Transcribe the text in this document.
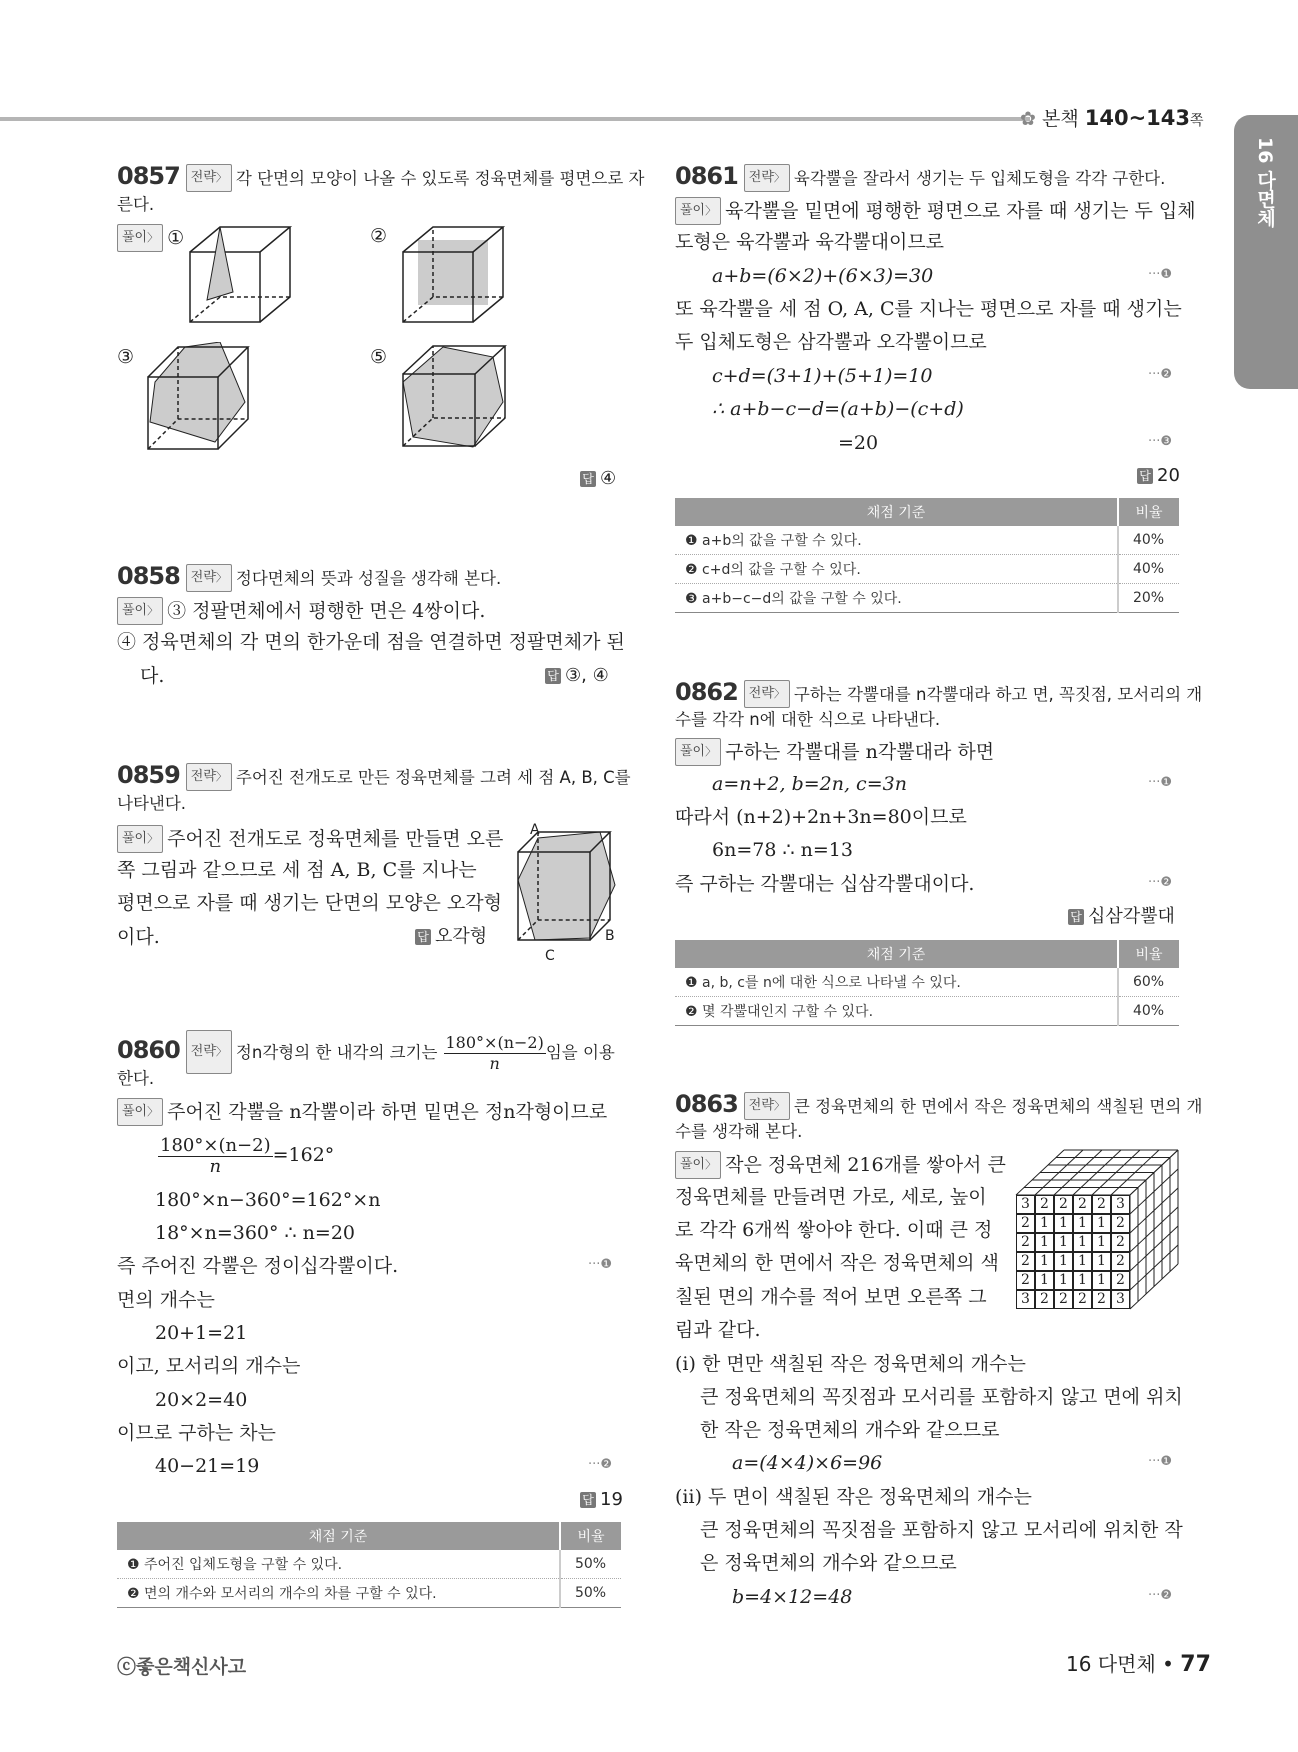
✿ 본책 140~143쪽
16 다면체
0857 전략 〉 각 단면의 모양이 나올 수 있도록 정육면체를 평면으로 자
른다.
풀이 〉 ①	②
③	⑤
답 ④
0858 전략 〉 정다면체의 뜻과 성질을 생각해 본다.
풀이 〉 ③ 정팔면체에서 평행한 면은 4쌍이다.
④ 정육면체의 각 면의 한가운데 점을 연결하면 정팔면체가 된
다.	답 ③, ④
0859 전략 〉 주어진 전개도로 만든 정육면체를 그려 세 점 A, B, C를
나타낸다.
풀이 〉 주어진 전개도로 정육면체를 만들면 오른
쪽 그림과 같으므로 세 점 A, B, C를 지나는
평면으로 자를 때 생기는 단면의 모양은 오각형
이다.	답 오각형
A
B
C
0860 전략 〉 정n각형의 한 내각의 크기는 $\frac{180^\circ\times(n-2)}{n}$ 임을 이용
한다.
풀이 〉 주어진 각뿔을 n각뿔이라 하면 밑면은 정n각형이므로
$\frac{180^\circ\times(n-2)}{n} =162^\circ$
180°×n−360°=162°×n
18°×n=360° ∴ n=20
즉 주어진 각뿔은 정이십각뿔이다.	···❶
면의 개수는
20+1=21
이고, 모서리의 개수는
20×2=40
이므로 구하는 차는
40−21=19	···❷
답 19
채점 기준	비율
❶ 주어진 입체도형을 구할 수 있다.	50%
❷ 면의 개수와 모서리의 개수의 차를 구할 수 있다.	50%
0861 전략 〉 육각뿔을 잘라서 생기는 두 입체도형을 각각 구한다.
풀이 〉 육각뿔을 밑면에 평행한 평면으로 자를 때 생기는 두 입체
도형은 육각뿔과 육각뿔대이므로
a+b=(6×2)+(6×3)=30	···❶
또 육각뿔을 세 점 O, A, C를 지나는 평면으로 자를 때 생기는
두 입체도형은 삼각뿔과 오각뿔이므로
c+d=(3+1)+(5+1)=10	···❷
∴ a+b−c−d=(a+b)−(c+d)
=20	···❸
답 20
채점 기준	비율
❶ a+b의 값을 구할 수 있다.	40%
❷ c+d의 값을 구할 수 있다.	40%
❸ a+b−c−d의 값을 구할 수 있다.	20%
0862 전략 〉 구하는 각뿔대를 n각뿔대라 하고 면, 꼭짓점, 모서리의 개
수를 각각 n에 대한 식으로 나타낸다.
풀이 〉 구하는 각뿔대를 n각뿔대라 하면
a=n+2, b=2n, c=3n	···❶
따라서 (n+2)+2n+3n=80이므로
6n=78 ∴ n=13
즉 구하는 각뿔대는 십삼각뿔대이다.	···❷
답 십삼각뿔대
채점 기준	비율
❶ a, b, c를 n에 대한 식으로 나타낼 수 있다.	60%
❷ 몇 각뿔대인지 구할 수 있다.	40%
0863 전략 〉 큰 정육면체의 한 면에서 작은 정육면체의 색칠된 면의 개
수를 생각해 본다.
풀이 〉 작은 정육면체 216개를 쌓아서 큰
정육면체를 만들려면 가로, 세로, 높이
로 각각 6개씩 쌓아야 한다. 이때 큰 정
육면체의 한 면에서 작은 정육면체의 색
칠된 면의 개수를 적어 보면 오른쪽 그
림과 같다.
3 2 2 2 2 3
2 1 1 1 1 2
2 1 1 1 1 2
2 1 1 1 1 2
2 1 1 1 1 2
3 2 2 2 2 3
(ⅰ) 한 면만 색칠된 작은 정육면체의 개수는
큰 정육면체의 꼭짓점과 모서리를 포함하지 않고 면에 위치
한 작은 정육면체의 개수와 같으므로
a=(4×4)×6=96	···❶
(ⅱ) 두 면이 색칠된 작은 정육면체의 개수는
큰 정육면체의 꼭짓점을 포함하지 않고 모서리에 위치한 작
은 정육면체의 개수와 같으므로
b=4×12=48	···❷
ⓒ좋은책신사고	16 다면체 • 77
